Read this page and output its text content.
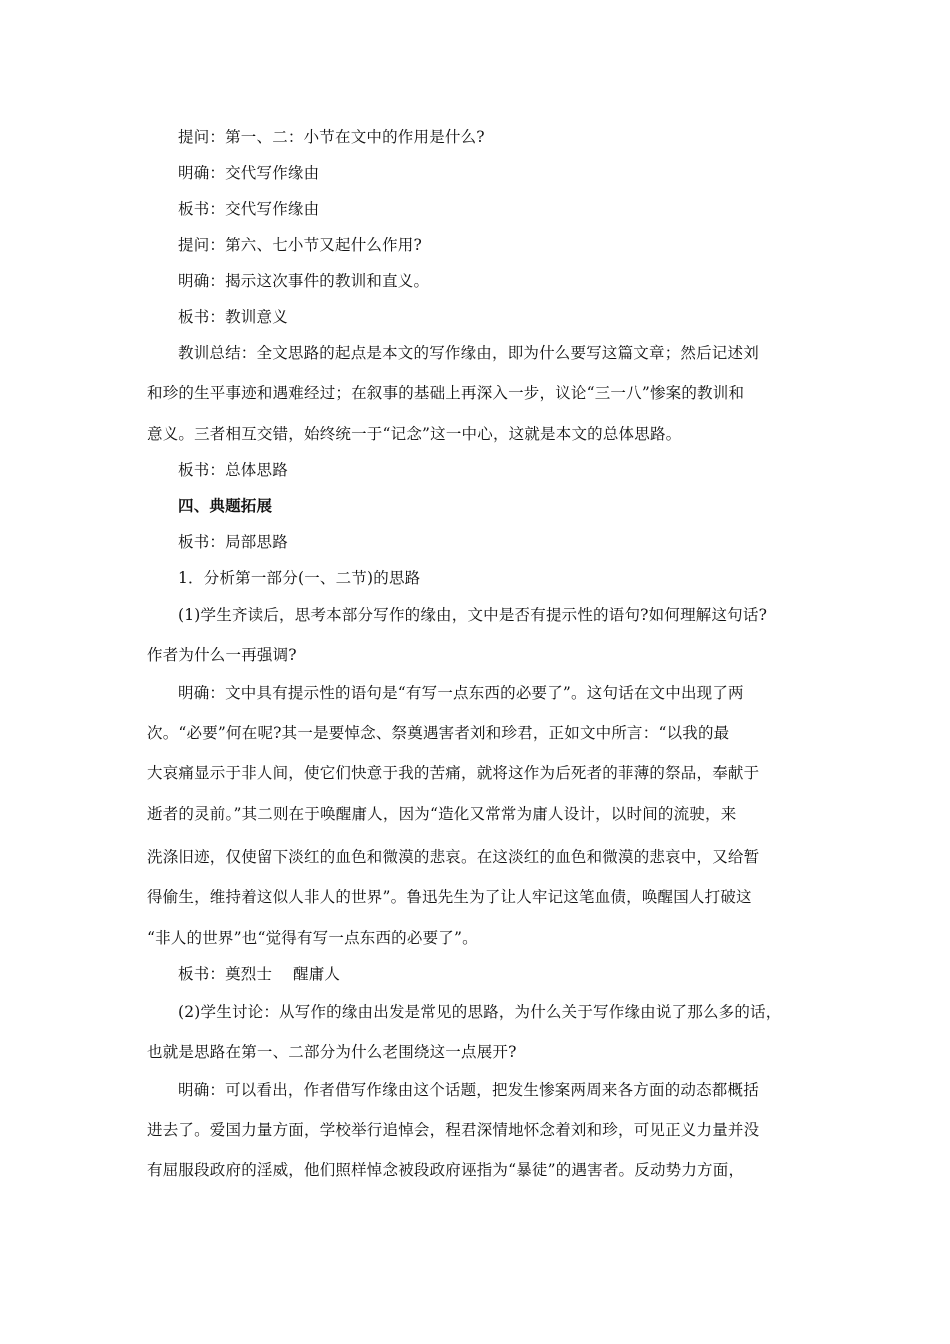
提问：第一、二：小节在文中的作用是什么?
明确：交代写作缘由
板书：交代写作缘由
提问：第六、七小节又起什么作用?
明确：揭示这次事件的教训和直义。
板书：教训意义
教训总结：全文思路的起点是本文的写作缘由，即为什么要写这篇文章；然后记述刘
和珍的生平事迹和遇难经过；在叙事的基础上再深入一步，议论“三一八”惨案的教训和
意义。三者相互交错，始终统一于“记念”这一中心，这就是本文的总体思路。
板书：总体思路
四、典题拓展
板书：局部思路
1．分析第一部分(一、二节)的思路
(1)学生齐读后，思考本部分写作的缘由，文中是否有提示性的语句?如何理解这句话?
作者为什么一再强调?
明确：文中具有提示性的语句是“有写一点东西的必要了”。这句话在文中出现了两
次。“必要”何在呢?其一是要悼念、祭奠遇害者刘和珍君，正如文中所言：“以我的最
大哀痛显示于非人间，使它们快意于我的苦痛，就将这作为后死者的菲薄的祭品，奉献于
逝者的灵前。”其二则在于唤醒庸人，因为“造化又常常为庸人设计，以时间的流驶，来
洗涤旧迹，仅使留下淡红的血色和微漠的悲哀。在这淡红的血色和微漠的悲哀中，又给暂
得偷生，维持着这似人非人的世界”。鲁迅先生为了让人牢记这笔血债，唤醒国人打破这
“非人的世界”也“觉得有写一点东西的必要了”。
板书：奠烈士　 醒庸人
(2)学生讨论：从写作的缘由出发是常见的思路，为什么关于写作缘由说了那么多的话，
也就是思路在第一、二部分为什么老围绕这一点展开?
明确：可以看出，作者借写作缘由这个话题，把发生惨案两周来各方面的动态都概括
进去了。爱国力量方面，学校举行追悼会，程君深情地怀念着刘和珍，可见正义力量并没
有屈服段政府的淫威，他们照样悼念被段政府诬指为“暴徒”的遇害者。反动势力方面，
